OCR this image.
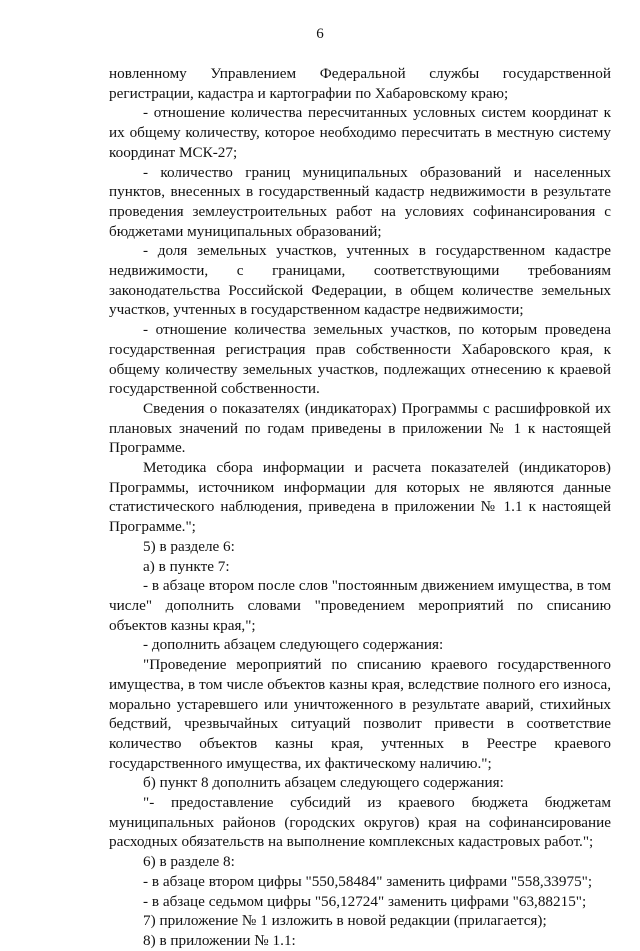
6

новленному Управлением Федеральной службы государственной регистрации, кадастра и картографии по Хабаровскому краю;

- отношение количества пересчитанных условных систем координат к их общему количеству, которое необходимо пересчитать в местную систему координат МСК-27;

- количество границ муниципальных образований и населенных пунктов, внесенных в государственный кадастр недвижимости в результате проведения землеустроительных работ на условиях софинансирования с бюджетами муниципальных образований;

- доля земельных участков, учтенных в государственном кадастре недвижимости, с границами, соответствующими требованиям законодательства Российской Федерации, в общем количестве земельных участков, учтенных в государственном кадастре недвижимости;

- отношение количества земельных участков, по которым проведена государственная регистрация прав собственности Хабаровского края, к общему количеству земельных участков, подлежащих отнесению к краевой государственной собственности.

Сведения о показателях (индикаторах) Программы с расшифровкой их плановых значений по годам приведены в приложении № 1 к настоящей Программе.

Методика сбора информации и расчета показателей (индикаторов) Программы, источником информации для которых не являются данные статистического наблюдения, приведена в приложении № 1.1 к настоящей Программе.";

5) в разделе 6:

а) в пункте 7:

- в абзаце втором после слов "постоянным движением имущества, в том числе" дополнить словами "проведением мероприятий по списанию объектов казны края,";

- дополнить абзацем следующего содержания:

"Проведение мероприятий по списанию краевого государственного имущества, в том числе объектов казны края, вследствие полного его износа, морально устаревшего или уничтоженного в результате аварий, стихийных бедствий, чрезвычайных ситуаций позволит привести в соответствие количество объектов казны края, учтенных в Реестре краевого государственного имущества, их фактическому наличию.";

б) пункт 8 дополнить абзацем следующего содержания:

"- предоставление субсидий из краевого бюджета бюджетам муниципальных районов (городских округов) края на софинансирование расходных обязательств на выполнение комплексных кадастровых работ.";

6) в разделе 8:

- в абзаце втором цифры "550,58484" заменить цифрами "558,33975";

- в абзаце седьмом цифры "56,12724" заменить цифрами "63,88215";

7) приложение № 1 изложить в новой редакции (прилагается);

8) в приложении № 1.1:
